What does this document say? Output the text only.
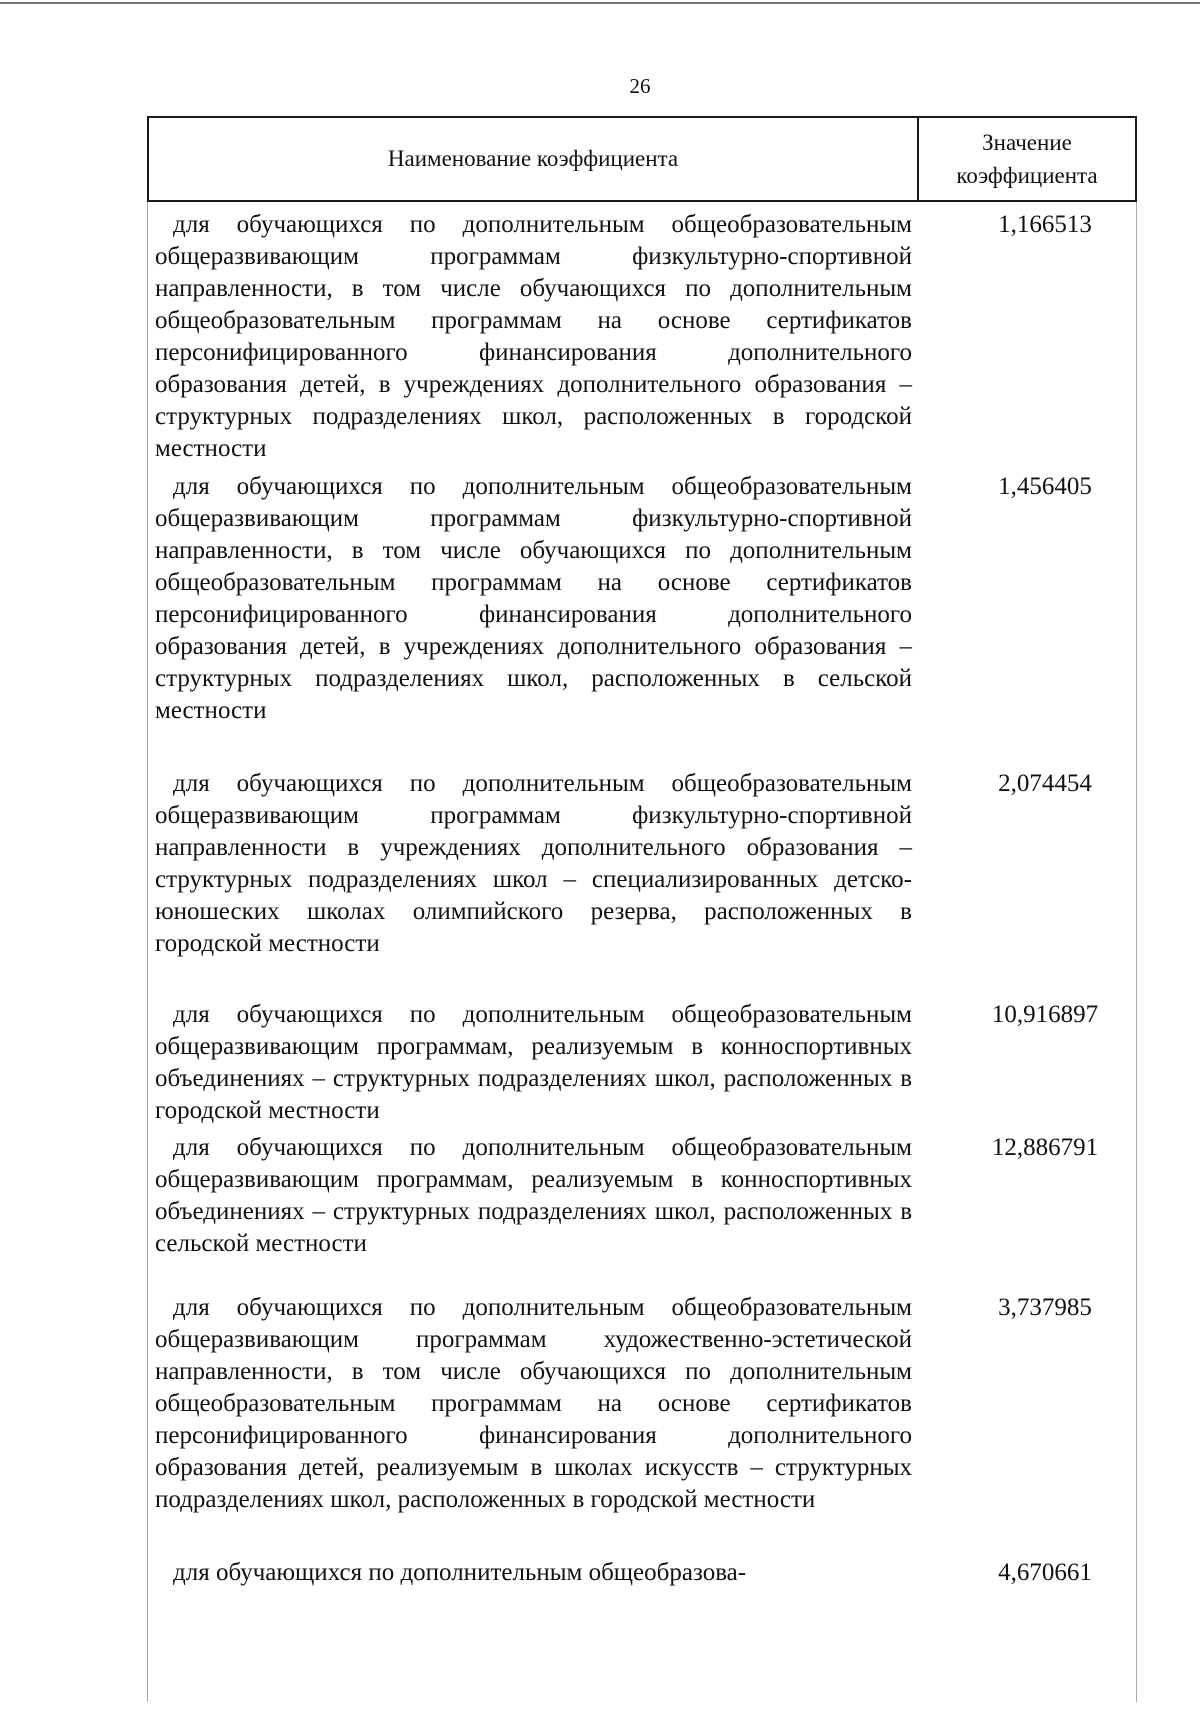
26
Наименование коэффициента
Значение
коэффициента
для обучающихся по дополнительным общеобразовательным общеразвивающим программам физкультурно-спортивной направленности, в том числе обучающихся по дополнительным общеобразовательным программам на основе сертификатов персонифицированного финансирования дополнительного образования детей, в учреждениях дополнительного образования – структурных подразделениях школ, расположенных в городской местности
1,166513
для обучающихся по дополнительным общеобразовательным общеразвивающим программам физкультурно-спортивной направленности, в том числе обучающихся по дополнительным общеобразовательным программам на основе сертификатов персонифицированного финансирования дополнительного образования детей, в учреждениях дополнительного образования – структурных подразделениях школ, расположенных в сельской местности
1,456405
для обучающихся по дополнительным общеобразовательным общеразвивающим программам физкультурно-спортивной направленности в учреждениях дополнительного образования – структурных подразделениях школ – специализированных детско-юношеских школах олимпийского резерва, расположенных в городской местности
2,074454
для обучающихся по дополнительным общеобразовательным общеразвивающим программам, реализуемым в конноспортивных объединениях – структурных подразделениях школ, расположенных в городской местности
10,916897
для обучающихся по дополнительным общеобразовательным общеразвивающим программам, реализуемым в конноспортивных объединениях – структурных подразделениях школ, расположенных в сельской местности
12,886791
для обучающихся по дополнительным общеобразовательным общеразвивающим программам художественно-эстетической направленности, в том числе обучающихся по дополнительным общеобразовательным программам на основе сертификатов персонифицированного финансирования дополнительного образования детей, реализуемым в школах искусств – структурных подразделениях школ, расположенных в городской местности
3,737985
для обучающихся по дополнительным общеобразова-	4,670661
